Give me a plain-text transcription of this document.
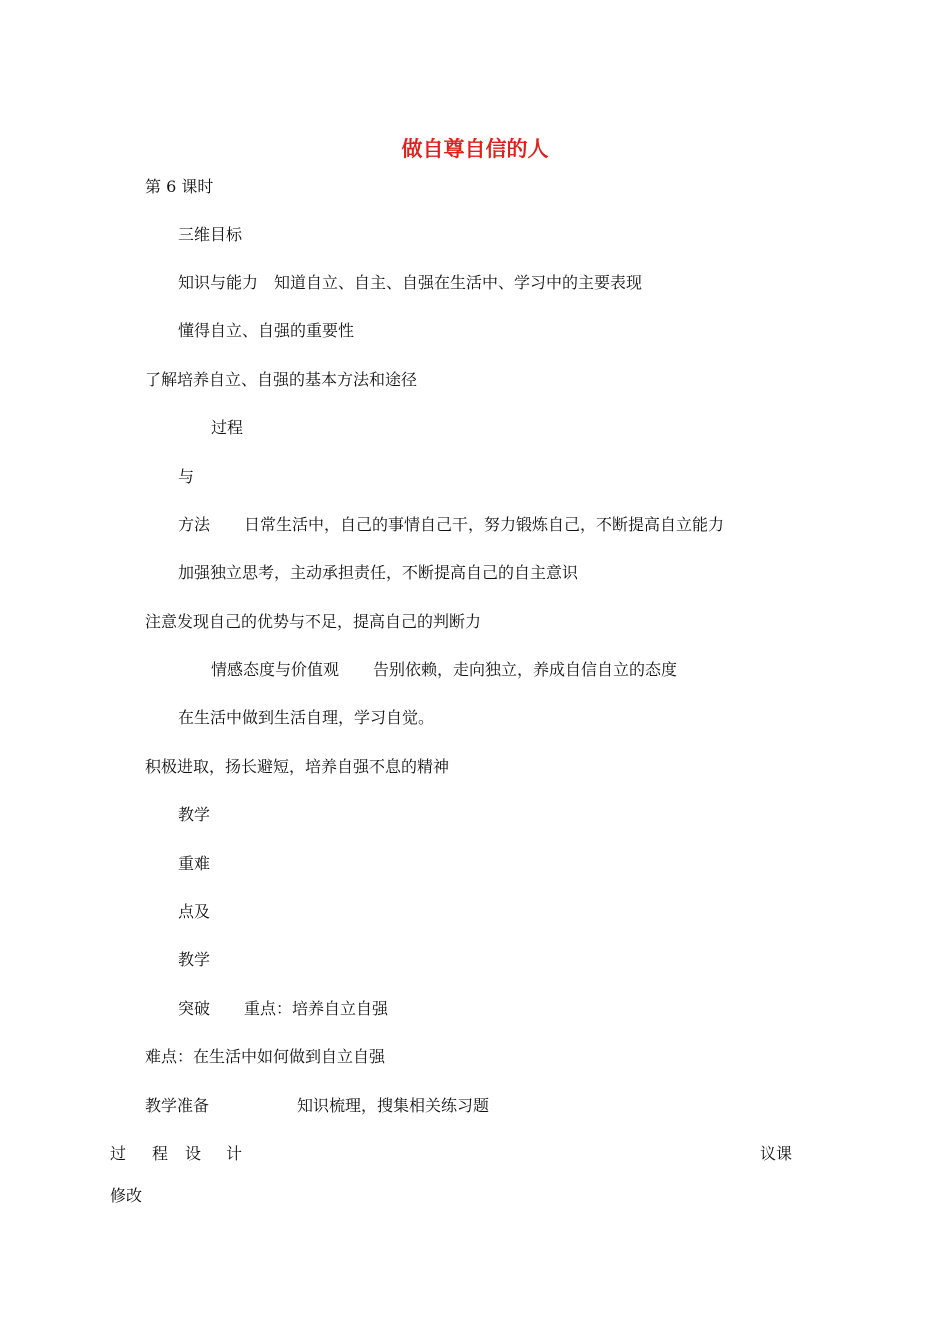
做自尊自信的人
第 6 课时
三维目标
知识与能力 知道自立、自主、自强在生活中、学习中的主要表现
懂得自立、自强的重要性
了解培养自立、自强的基本方法和途径
过程
与
方法 日常生活中，自己的事情自己干，努力锻炼自己，不断提高自立能力
加强独立思考，主动承担责任，不断提高自己的自主意识
注意发现自己的优势与不足，提高自己的判断力
情感态度与价值观 告别依赖，走向独立，养成自信自立的态度
在生活中做到生活自理，学习自觉。
积极进取，扬长避短，培养自强不息的精神
教学
重难
点及
教学
突破 重点：培养自立自强
难点：在生活中如何做到自立自强
教学准备	知识梳理，搜集相关练习题
过 程 设 计	议课
修改
